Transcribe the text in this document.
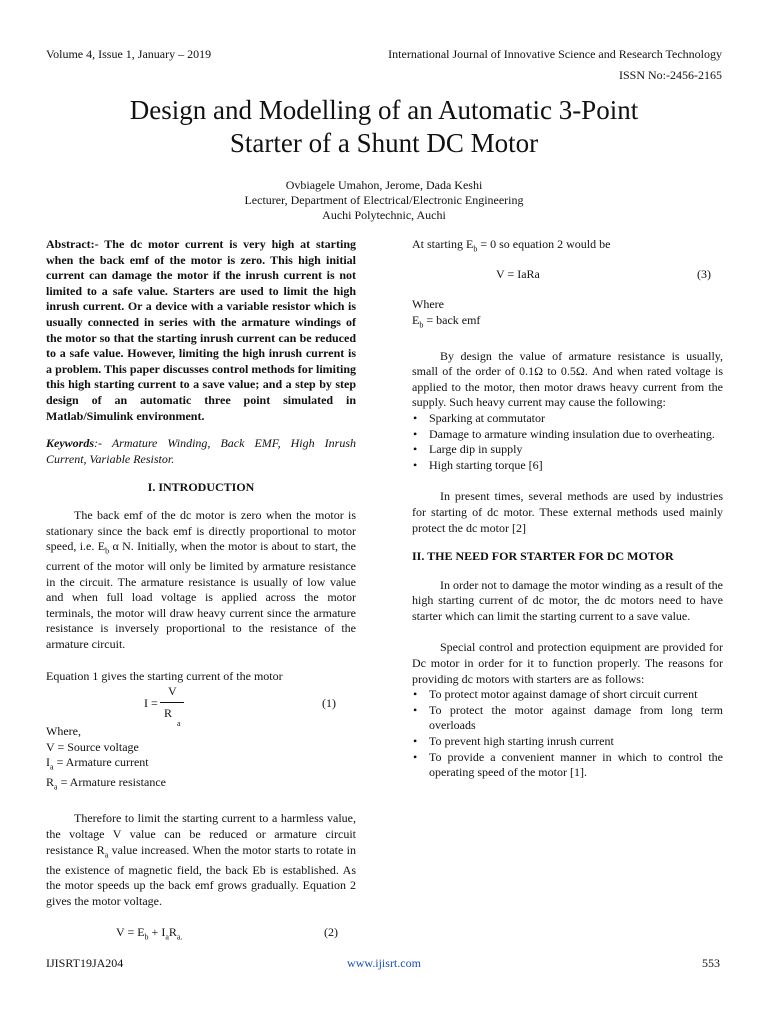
Volume 4, Issue 1, January – 2019	International Journal of Innovative Science and Research Technology
ISSN No:-2456-2165
Design and Modelling of an Automatic 3-Point
Starter of a Shunt DC Motor
Ovbiagele Umahon, Jerome, Dada Keshi
Lecturer, Department of Electrical/Electronic Engineering
Auchi Polytechnic, Auchi

Abstract:- The dc motor current is very high at starting when the back emf of the motor is zero. This high initial current can damage the motor if the inrush current is not limited to a safe value. Starters are used to limit the high inrush current. Or a device with a variable resistor which is usually connected in series with the armature windings of the motor so that the starting inrush current can be reduced to a safe value. However, limiting the high inrush current is a problem. This paper discusses control methods for limiting this high starting current to a save value; and a step by step design of an automatic three point simulated in Matlab/Simulink environment.

Keywords:- Armature Winding, Back EMF, High Inrush Current, Variable Resistor.

I. INTRODUCTION

The back emf of the dc motor is zero when the motor is stationary since the back emf is directly proportional to motor speed, i.e. $E_b$ α N. Initially, when the motor is about to start, the current of the motor will only be limited by armature resistance in the circuit. The armature resistance is usually of low value and when full load voltage is applied across the motor terminals, the motor will draw heavy current since the armature resistance is inversely proportional to the resistance of the armature circuit.

Equation 1 gives the starting current of the motor

I =
V
R
a
(1)

Where,

V = Source voltage

$I_a$ = Armature current

$R_a$ = Armature resistance

Therefore to limit the starting current to a harmless value, the voltage V value can be reduced or armature circuit resistance $R_a$ value increased. When the motor starts to rotate in the existence of magnetic field, the back Eb is established. As the motor speeds up the back emf grows gradually. Equation 2 gives the motor voltage.

$V = E_b + I_aR_{a.}$	(2)

At starting $E_b = 0$ so equation 2 would be

V = IaRa	(3)

Where

$E_b$ = back emf

By design the value of armature resistance is usually, small of the order of 0.1Ω to 0.5Ω. And when rated voltage is applied to the motor, then motor draws heavy current from the supply. Such heavy current may cause the following:

• Sparking at commutator
• Damage to armature winding insulation due to overheating.
• Large dip in supply
• High starting torque [6]

In present times, several methods are used by industries for starting of dc motor. These external methods used mainly protect the dc motor [2]

II. THE NEED FOR STARTER FOR DC MOTOR

In order not to damage the motor winding as a result of the high starting current of dc motor, the dc motors need to have starter which can limit the starting current to a save value.

Special control and protection equipment are provided for Dc motor in order for it to function properly. The reasons for providing dc motors with starters are as follows:

• To protect motor against damage of short circuit current
• To protect the motor against damage from long term overloads
• To prevent high starting inrush current
• To provide a convenient manner in which to control the operating speed of the motor [1].
IJISRT19JA204	www.ijisrt.com	553
